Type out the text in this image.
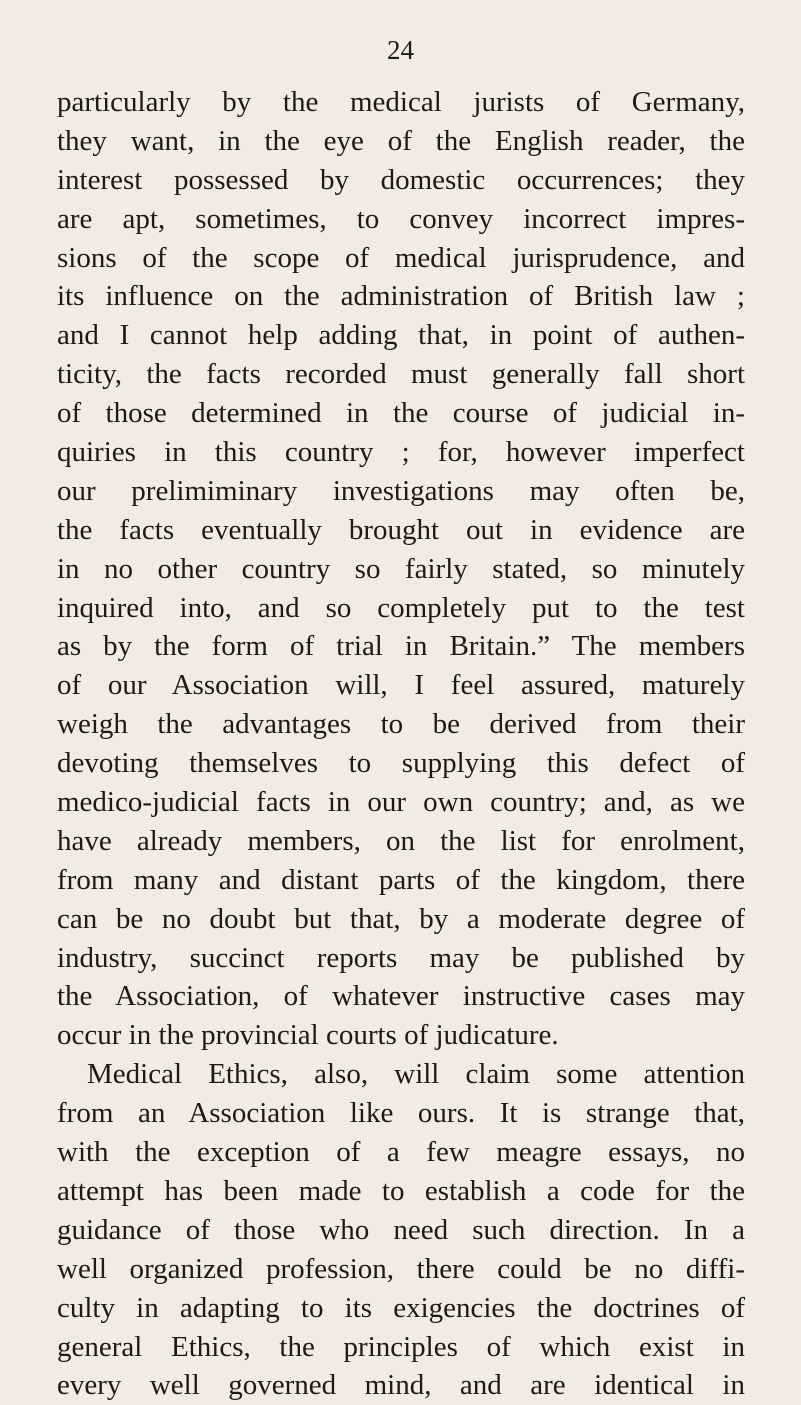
24
particularly by the medical jurists of Germany,
they want, in the eye of the English reader, the
interest possessed by domestic occurrences; they
are apt, sometimes, to convey incorrect impres-
sions of the scope of medical jurisprudence, and
its influence on the administration of British law ;
and I cannot help adding that, in point of authen-
ticity, the facts recorded must generally fall short
of those determined in the course of judicial in-
quiries in this country ; for, however imperfect
our prelimiminary investigations may often be,
the facts eventually brought out in evidence are
in no other country so fairly stated, so minutely
inquired into, and so completely put to the test
as by the form of trial in Britain.” The members
of our Association will, I feel assured, maturely
weigh the advantages to be derived from their
devoting themselves to supplying this defect of
medico-judicial facts in our own country; and, as we
have already members, on the list for enrolment,
from many and distant parts of the kingdom, there
can be no doubt but that, by a moderate degree of
industry, succinct reports may be published by
the Association, of whatever instructive cases may
occur in the provincial courts of judicature.
Medical Ethics, also, will claim some attention
from an Association like ours. It is strange that,
with the exception of a few meagre essays, no
attempt has been made to establish a code for the
guidance of those who need such direction. In a
well organized profession, there could be no diffi-
culty in adapting to its exigencies the doctrines of
general Ethics, the principles of which exist in
every well governed mind, and are identical in
